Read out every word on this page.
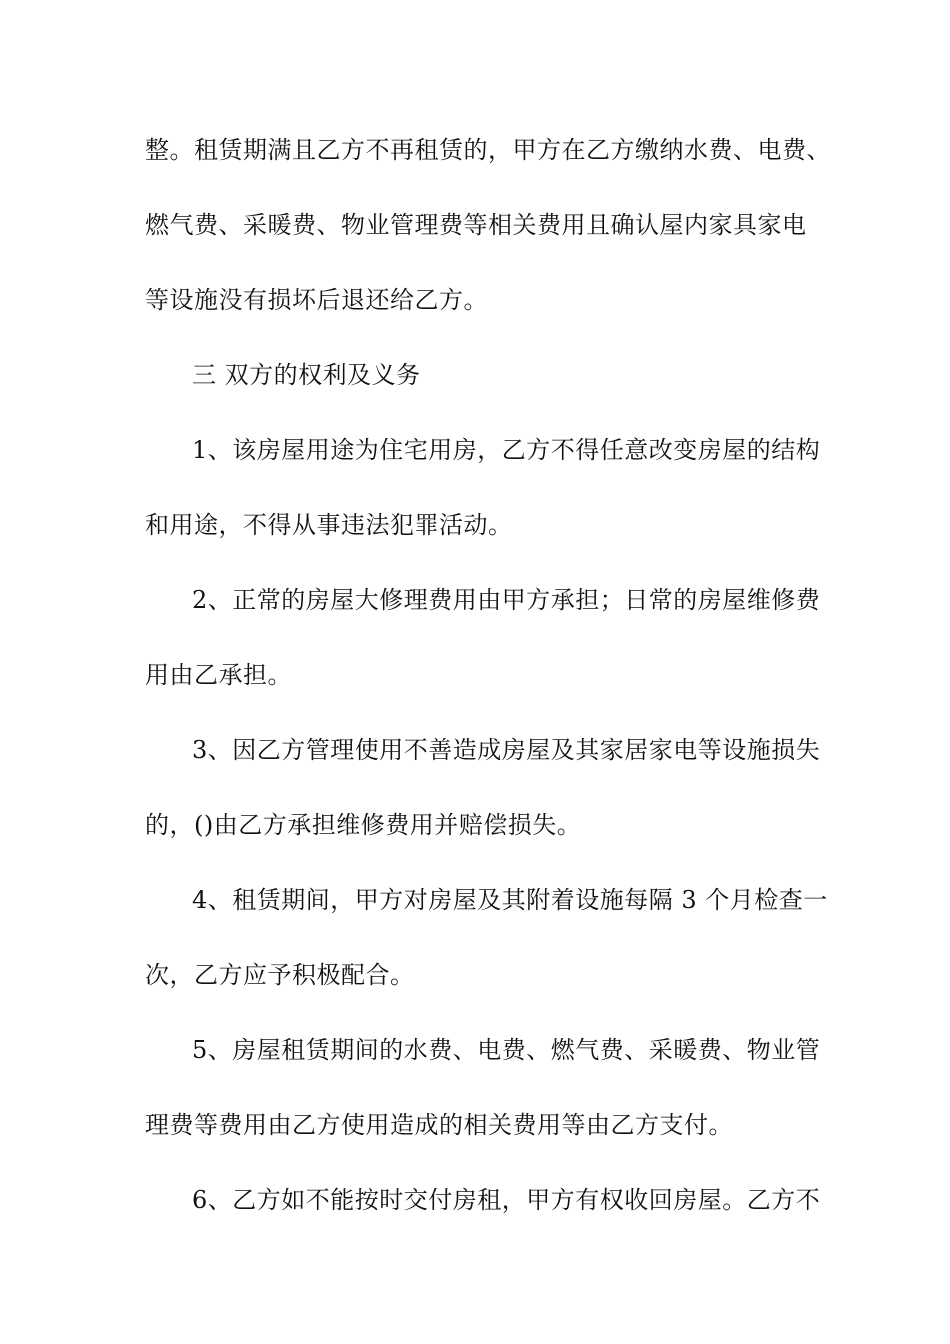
整。租赁期满且乙方不再租赁的，甲方在乙方缴纳水费、电费、
燃气费、采暖费、物业管理费等相关费用且确认屋内家具家电
等设施没有损坏后退还给乙方。
三 双方的权利及义务
1、该房屋用途为住宅用房，乙方不得任意改变房屋的结构
和用途，不得从事违法犯罪活动。
2、正常的房屋大修理费用由甲方承担；日常的房屋维修费
用由乙承担。
3、因乙方管理使用不善造成房屋及其家居家电等设施损失
的，()由乙方承担维修费用并赔偿损失。
4、租赁期间，甲方对房屋及其附着设施每隔 3 个月检查一
次，乙方应予积极配合。
5、房屋租赁期间的水费、电费、燃气费、采暖费、物业管
理费等费用由乙方使用造成的相关费用等由乙方支付。
6、乙方如不能按时交付房租，甲方有权收回房屋。乙方不
